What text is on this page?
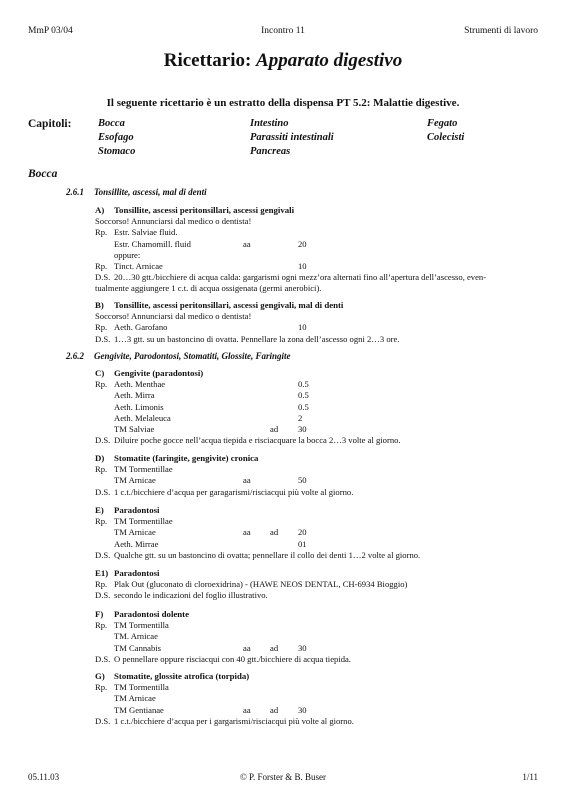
MmP 03/04	Incontro 11	Strumenti di lavoro
Ricettario: Apparato digestivo
Il seguente ricettario è un estratto della dispensa PT 5.2: Malattie digestive.
Capitoli:	Bocca	Intestino	Fegato
Esofago	Parassiti intestinali	Colecisti
Stomaco	Pancreas
Bocca
2.6.1 Tonsillite, ascessi, mal di denti
A) Tonsillite, ascessi peritonsillari, ascessi gengivali
Soccorso! Annunciarsi dal medico o dentista!
Rp. Estr. Salviae fluid.
Estr. Chamomill. fluid	aa	20
oppure:
Rp. Tinct. Arnicae	10
D.S. 20…30 gtt./bicchiere di acqua calda: gargarismi ogni mezz’ora alternati fino all’apertura dell’ascesso, even-
tualmente aggiungere 1 c.t. di acqua ossigenata (germi anerobici).
B) Tonsillite, ascessi peritonsillari, ascessi gengivali, mal di denti
Soccorso! Annunciarsi dal medico o dentista!
Rp. Aeth. Garofano	10
D.S. 1…3 gtt. su un bastoncino di ovatta. Pennellare la zona dell’ascesso ogni 2…3 ore.
2.6.2 Gengivite, Parodontosi, Stomatiti, Glossite, Faringite
C) Gengivite (paradontosi)
Rp. Aeth. Menthae	0.5
Aeth. Mirra	0.5
Aeth. Limonis	0.5
Aeth. Melaleuca	2
TM Salviae	ad 30
D.S. Diluire poche gocce nell’acqua tiepida e risciacquare la bocca 2…3 volte al giorno.
D) Stomatite (faringite, gengivite) cronica
Rp. TM Tormentillae
TM Arnicae	aa	50
D.S. 1 c.t./bicchiere d’acqua per garagarismi/risciacqui più volte al giorno.
E) Paradontosi
Rp. TM Tormentillae
TM Arnicae	aa ad 20
Aeth. Mirrae	01
D.S. Qualche gtt. su un bastoncino di ovatta; pennellare il collo dei denti 1…2 volte al giorno.
E1) Paradontosi
Rp. Plak Out (gluconato di cloroexidrina) - (HAWE NEOS DENTAL, CH-6934 Bioggio)
D.S. secondo le indicazioni del foglio illustrativo.
F) Paradontosi dolente
Rp. TM Tormentilla
TM. Arnicae
TM Cannabis	aa ad 30
D.S. O pennellare oppure risciacqui con 40 gtt./bicchiere di acqua tiepida.
G) Stomatite, glossite atrofica (torpida)
Rp. TM Tormentilla
TM Arnicae
TM Gentianae	aa ad 30
D.S. 1 c.t./bicchiere d’acqua per i gargarismi/risciacqui più volte al giorno.
05.11.03	© P. Forster & B. Buser	1/11
